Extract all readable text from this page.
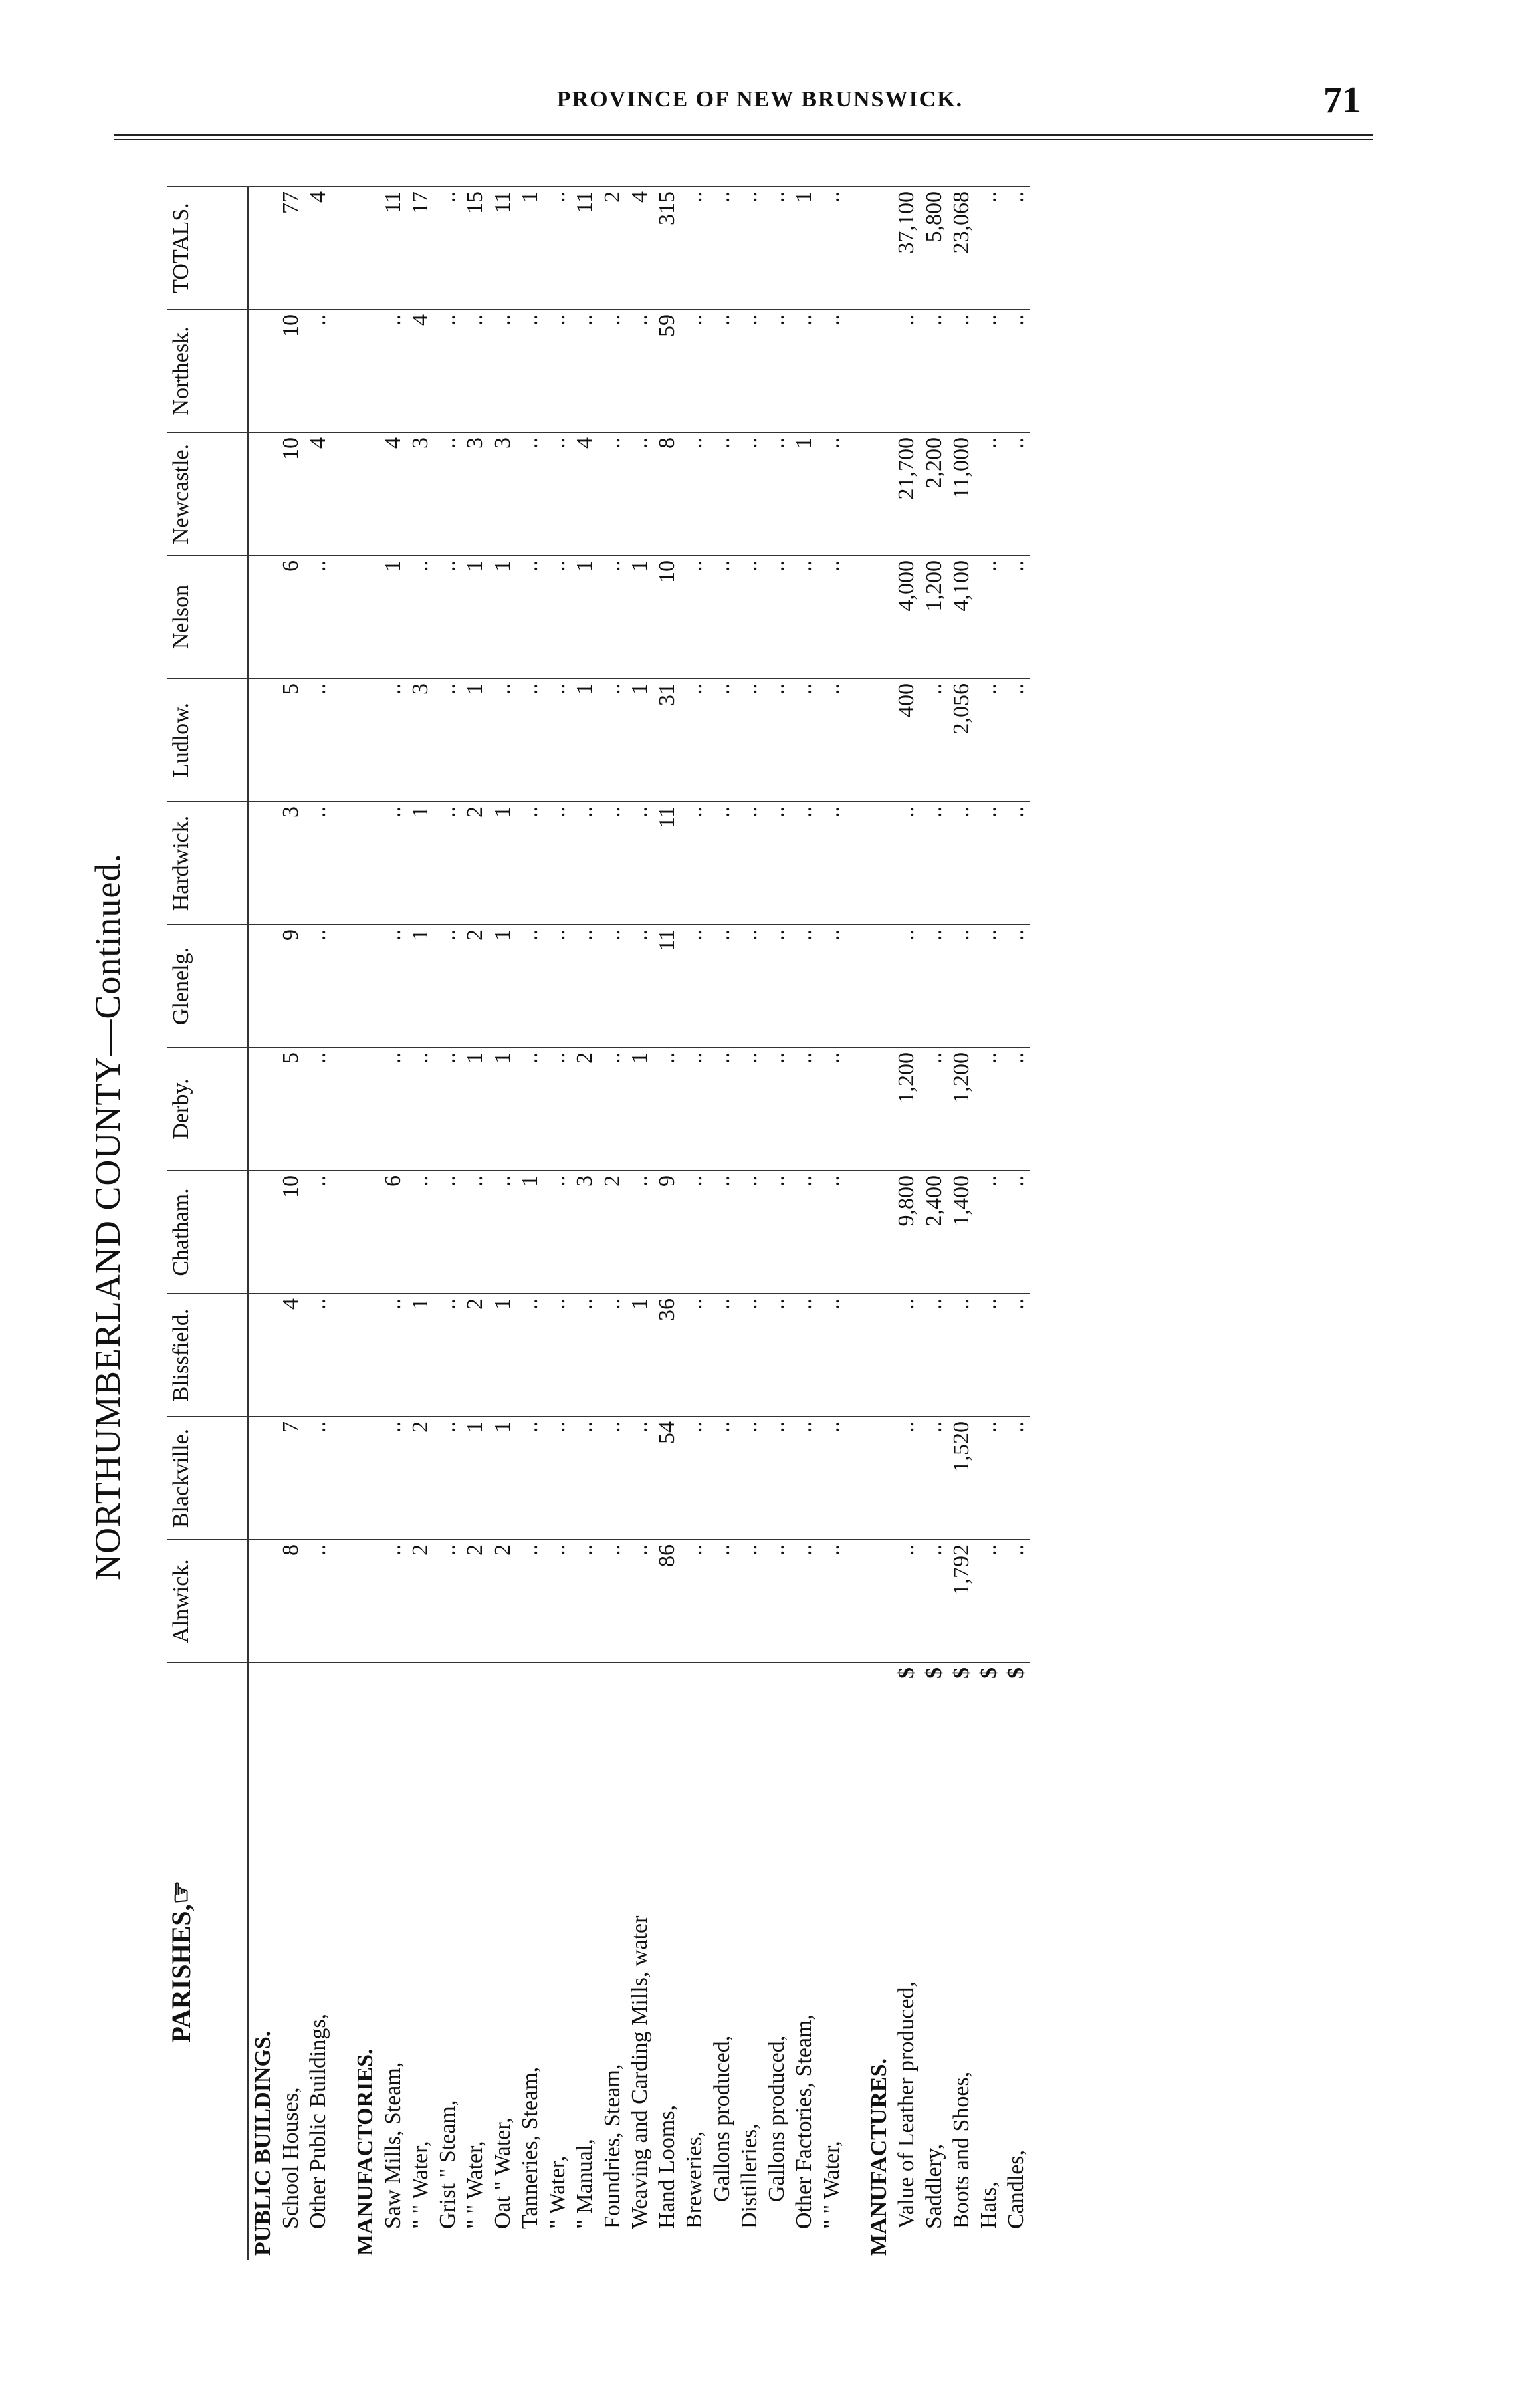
PROVINCE OF NEW BRUNSWICK.	71
NORTHUMBERLAND COUNTY—Continued.
PARISHES,☞	Alnwick.	Blackville.	Blissfield.	Chatham.	Derby.	Glenelg.	Hardwick.	Ludlow.	Nelson	Newcastle.	Northesk.	TOTALS.
PUBLIC BUILDINGS.												
School Houses,	8	7	4	10	5	9	3	5	6	10	10	77
Other Public Buildings,	..	..	..	..	..	..	..	..	..	4	..	4

MANUFACTORIES.												
Saw Mills, Steam,	..	..	..	6	..	..	..	..	1	4	..	11
" " Water,	2	2	1	..	..	1	1	3	..	3	4	17
Grist " Steam,	..	..	..	..	..	..	..	..	..	..	..	..
" " Water,	2	1	2	..	1	2	2	1	1	3	..	15
Oat " Water,	2	1	1	..	1	1	1	..	1	3	..	11
Tanneries, Steam,	..	..	..	1	..	..	..	..	..	..	..	1
" Water,	..	..	..	..	..	..	..	..	..	..	..	..
" Manual,	..	..	..	3	2	..	..	1	1	4	..	11
Foundries, Steam,	..	..	..	2	..	..	..	..	..	..	..	2
Weaving and Carding Mills, water	..	..	1	..	1	..	..	1	1	..	..	4
Hand Looms,	86	54	36	9	..	11	11	31	10	8	59	315
Breweries,	..	..	..	..	..	..	..	..	..	..	..	..
Gallons produced,	..	..	..	..	..	..	..	..	..	..	..	..
Distilleries,	..	..	..	..	..	..	..	..	..	..	..	..
Gallons produced,	..	..	..	..	..	..	..	..	..	..	..	..
Other Factories, Steam,	..	..	..	..	..	..	..	..	..	1	..	1
" " Water,	..	..	..	..	..	..	..	..	..	..	..	..

MANUFACTURES.												
Value of Leather produced,
$	..	..	..	9,800	1,200	..	..	400	4,000	21,700	..	37,100
Saddlery,
$	..	..	..	2,400	..	..	..	..	1,200	2,200	..	5,800
Boots and Shoes,
$	1,792	1,520	..	1,400	1,200	..	..	2,056	4,100	11,000	..	23,068
Hats,
$	..	..	..	..	..	..	..	..	..	..	..	..
Candles,
$	..	..	..	..	..	..	..	..	..	..	..	..
